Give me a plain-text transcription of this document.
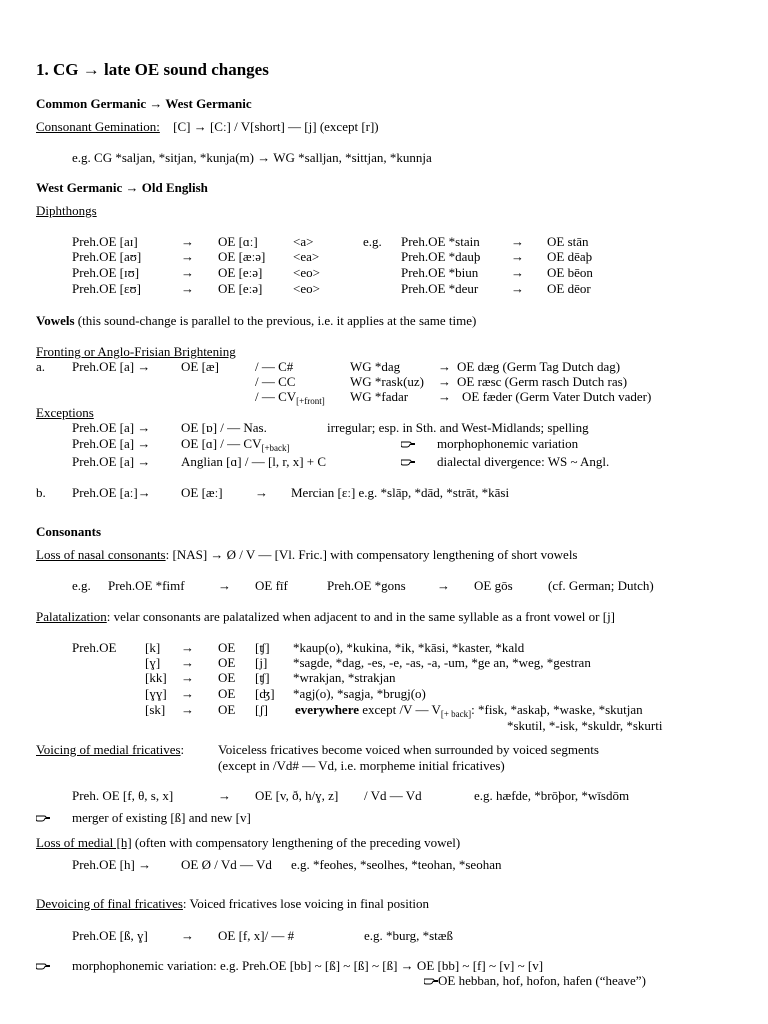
1. CG → late OE sound changes
Common Germanic → West Germanic
Consonant Gemination: [C] → [Cː] / V[short] — [j] (except [r])
e.g. CG *saljan, *sitjan, *kunja(m) → WG *salljan, *sittjan, *kunnja
West Germanic → Old English
Diphthongs
Preh.OE [aɪ]	→ OE [ɑː]	<a>	e.g. Preh.OE *stain → OE stān
Preh.OE [aʊ]	→ OE [æːə] <ea>	Preh.OE *dauþ → OE dēaþ
Preh.OE [ɪʊ]	→ OE [eːə] <eo>	Preh.OE *biun	→ OE bēon
Preh.OE [ɛʊ]	→ OE [eːə] <eo>	Preh.OE *deur	→ OE dēor
Vowels (this sound-change is parallel to the previous, i.e. it applies at the same time)
Fronting or Anglo-Frisian Brightening
a. Preh.OE [a] → OE [æ]	/ — C#	WG *dag	→ OE dæg (Germ Tag Dutch dag)
/ — CC	WG *rask(uz) → OE ræsc (Germ rasch Dutch ras)
/ — $CV_{[+front]}$ WG *fadar → OE fæder (Germ Vater Dutch vader)
Exceptions
Preh.OE [a] → OE [ɒ] / — Nas.	irregular; esp. in Sth. and West-Midlands; spelling
Preh.OE [a] → OE [ɑ] / — $CV_{[+back]}$	morphophonemic variation
Preh.OE [a] → Anglian [ɑ] / — [l, r, x] + C	dialectal divergence: WS ~ Angl.
b. Preh.OE [aː]→ OE [æː] → Mercian [ɛː] e.g. *slāp, *dād, *strāt, *kāsi
Consonants
Loss of nasal consonants: [NAS] → Ø / V — [Vl. Fric.] with compensatory lengthening of short vowels
e.g. Preh.OE *fimf	→ OE fīf	Preh.OE *gons → OE gōs	(cf. German; Dutch)
Palatalization: velar consonants are palatalized when adjacent to and in the same syllable as a front vowel or [j]
Preh.OE [k] → OE [ʧ] *kaup(o), *kukina, *ik, *kāsi, *kaster, *kald
[ɣ] → OE [j] *sagde, *dag, -es, -e, -as, -a, -um, *ge an, *weg, *gestran
[kk] → OE [ʧ] *wrakjan, *strakjan
[ɣɣ] → OE [ʤ] *agj(o), *sagja, *brugj(o)
[sk] → OE [ʃ] everywhere except /V — $V_{[+ back]}$: *fisk, *askaþ, *waske, *skutjan
*skutil, *-isk, *skuldr, *skurti
Voicing of medial fricatives:	Voiceless fricatives become voiced when surrounded by voiced segments
(except in /Vd# — Vd, i.e. morpheme initial fricatives)
Preh. OE [f, θ, s, x]	→ OE [v, ð, h/ɣ, z] / Vd — Vd	e.g. hæfde, *brōþor, *wīsdōm
merger of existing [ß] and new [v]
Loss of medial [h] (often with compensatory lengthening of the preceding vowel)
Preh.OE [h] → OE Ø / Vd — Vd e.g. *feohes, *seolhes, *teohan, *seohan
Devoicing of final fricatives: Voiced fricatives lose voicing in final position
Preh.OE [ß, ɣ]	→ OE [f, x]/ — #	e.g. *burg, *stæß
morphophonemic variation: e.g. Preh.OE [bb] ~ [ß] ~ [ß] ~ [ß] → OE [bb] ~ [f] ~ [v] ~ [v]
OE hebban, hof, hofon, hafen (“heave”)
